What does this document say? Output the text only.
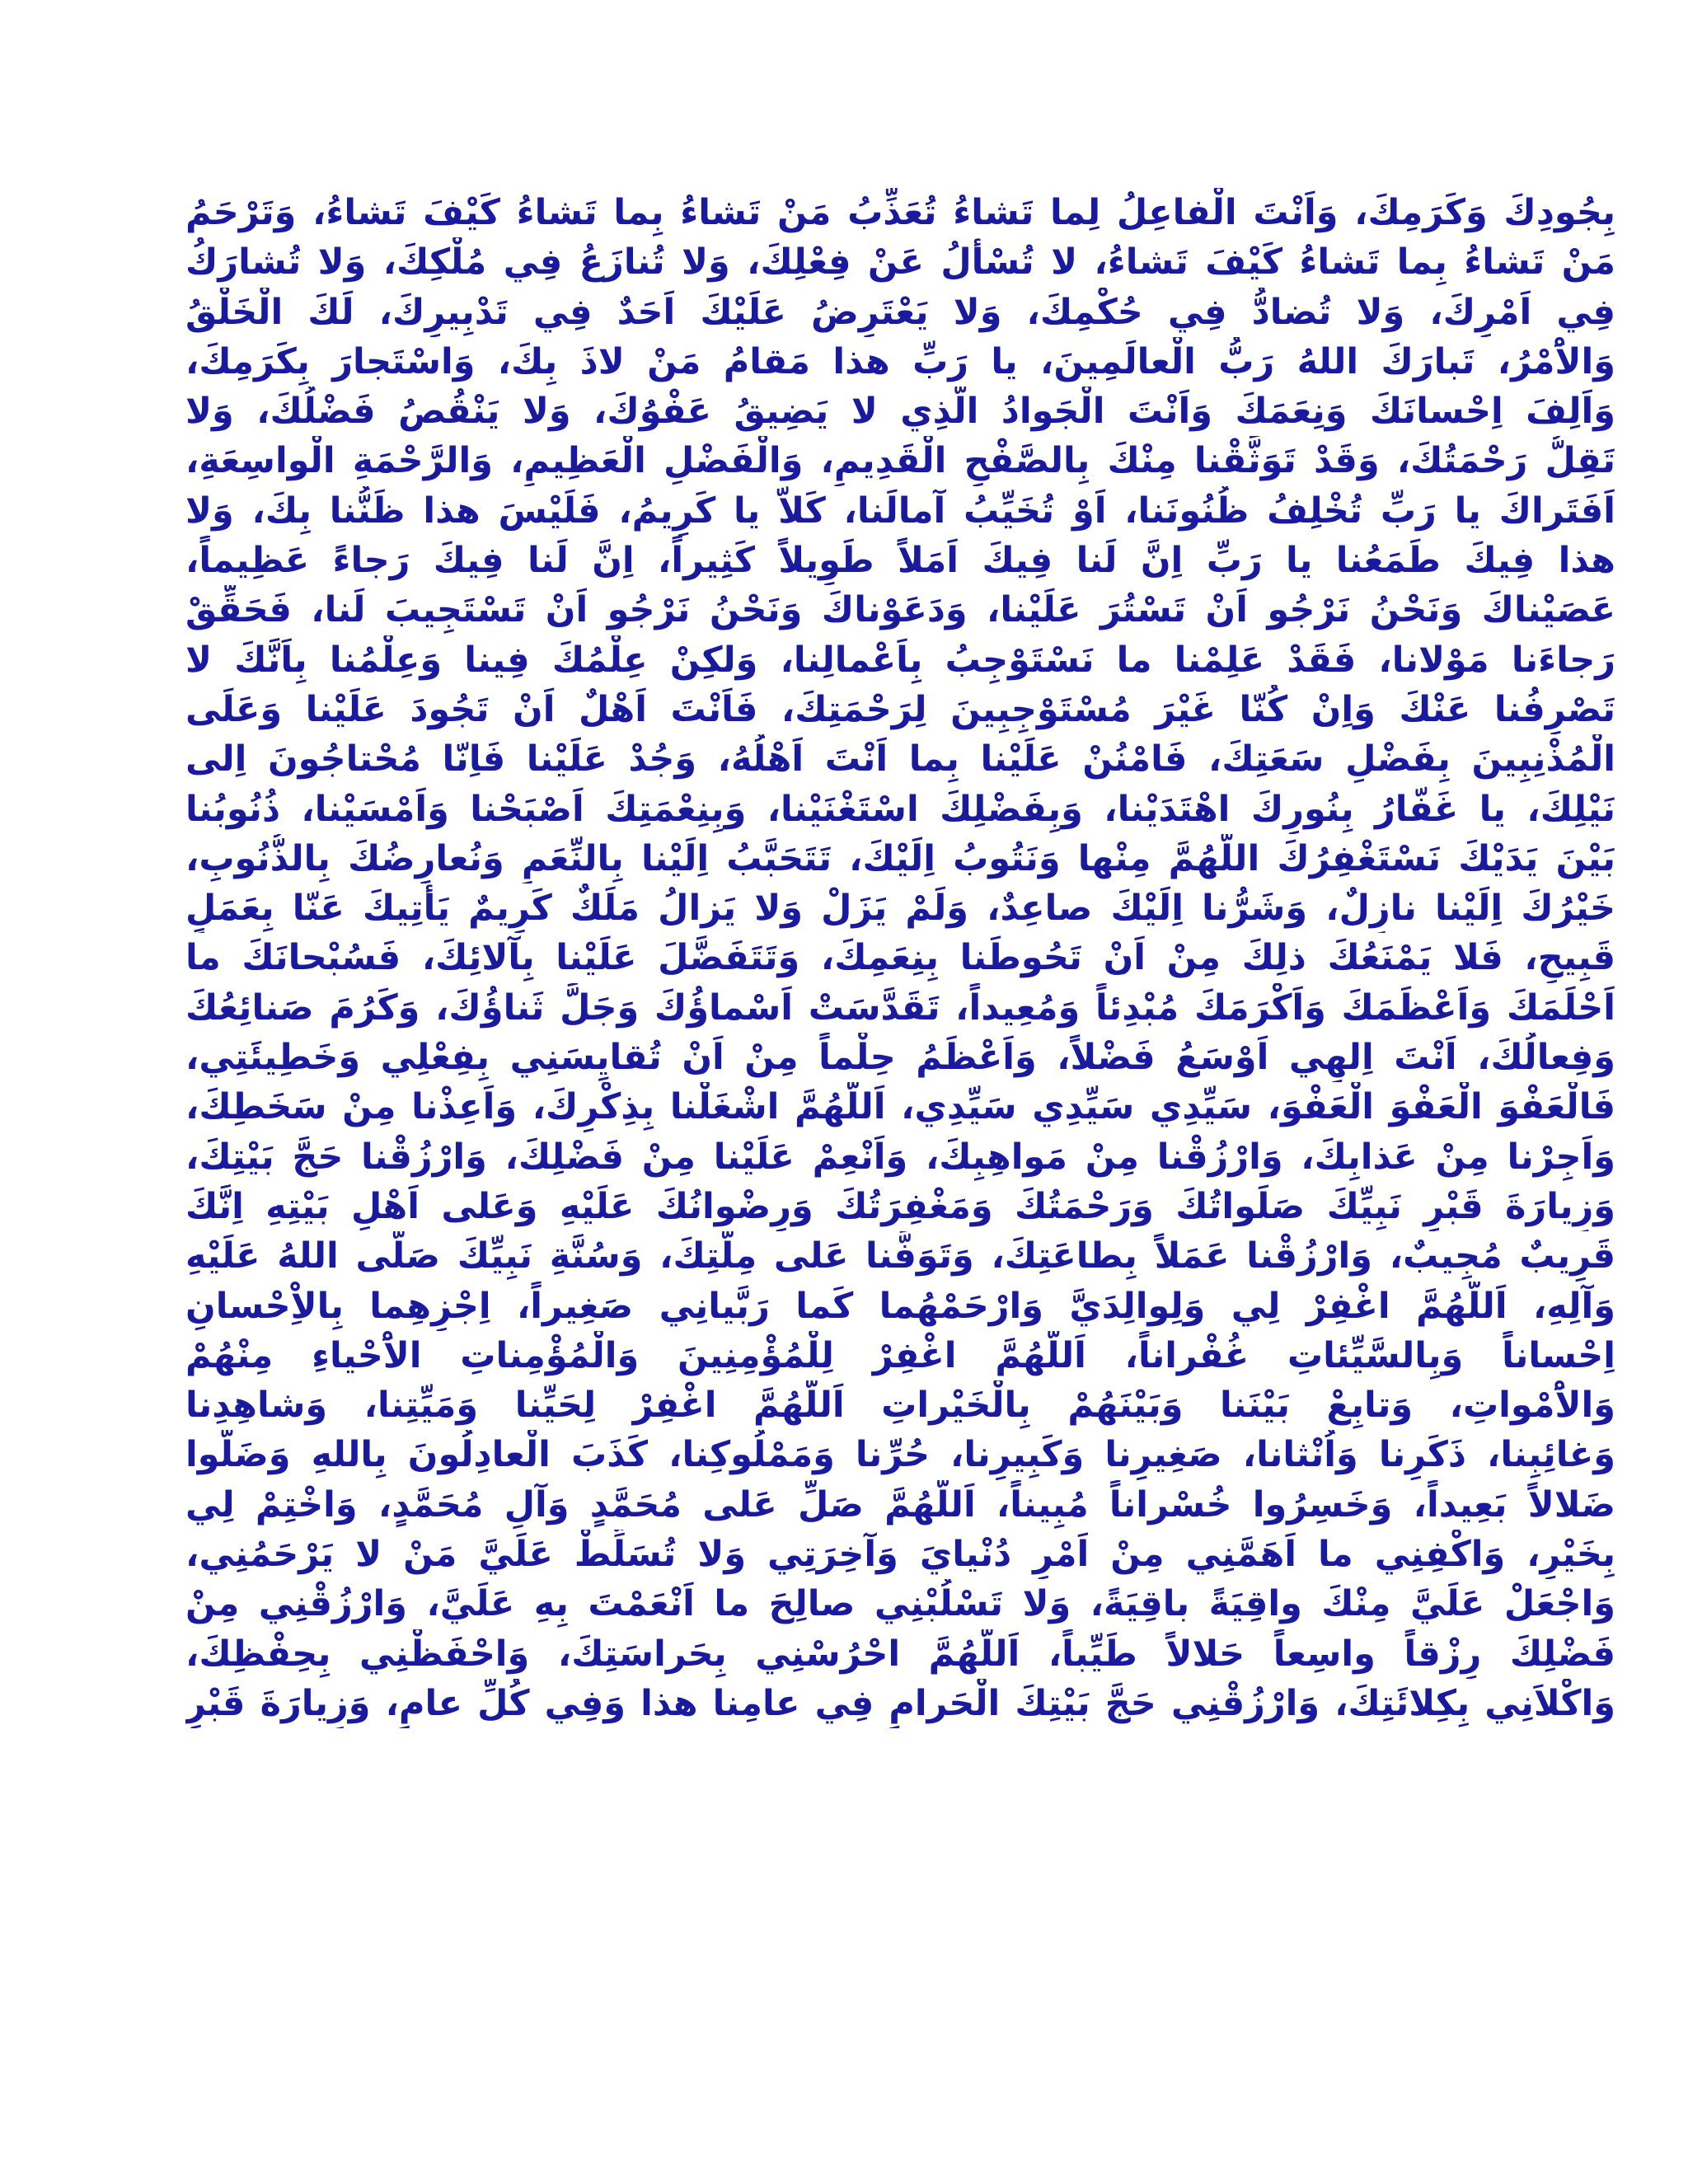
بِجُودِكَ وَكَرَمِكَ، وَاَنْتَ الْفاعِلُ لِما تَشاءُ تُعَذِّبُ مَنْ تَشاءُ بِما تَشاءُ كَيْفَ تَشاءُ، وَتَرْحَمُ
مَنْ تَشاءُ بِما تَشاءُ كَيْفَ تَشاءُ، لا تُسْأَلُ عَنْ فِعْلِكَ، وَلا تُنازَعُ فِي مُلْكِكَ، وَلا تُشارَكُ
فِي اَمْرِكَ، وَلا تُضادُّ فِي حُكْمِكَ، وَلا يَعْتَرِضُ عَلَيْكَ اَحَدٌ فِي تَدْبِيرِكَ، لَكَ الْخَلْقُ
وَالاَْمْرُ، تَبارَكَ اللهُ رَبُّ الْعالَمِينَ، يا رَبِّ هذا مَقامُ مَنْ لاذَ بِكَ، وَاسْتَجارَ بِكَرَمِكَ،
وَاَلِفَ اِحْسانَكَ وَنِعَمَكَ وَاَنْتَ الْجَوادُ الَّذِي لا يَضِيقُ عَفْوُكَ، وَلا يَنْقُصُ فَضْلُكَ، وَلا
تَقِلُّ رَحْمَتُكَ، وَقَدْ تَوَثَّقْنا مِنْكَ بِالصَّفْحِ الْقَدِيمِ، وَالْفَضْلِ الْعَظِيمِ، وَالرَّحْمَةِ الْواسِعَةِ،
اَفَتَراكَ يا رَبِّ تُخْلِفُ ظُنُونَنا، اَوْ تُخَيِّبُ آمالَنا، كَلاّ يا كَرِيمُ، فَلَيْسَ هذا ظَنُّنا بِكَ، وَلا
هذا فِيكَ طَمَعُنا يا رَبِّ اِنَّ لَنا فِيكَ اَمَلاً طَوِيلاً كَثِيراً، اِنَّ لَنا فِيكَ رَجاءً عَظِيماً،
عَصَيْناكَ وَنَحْنُ نَرْجُو اَنْ تَسْتُرَ عَلَيْنا، وَدَعَوْناكَ وَنَحْنُ نَرْجُو اَنْ تَسْتَجِيبَ لَنا، فَحَقِّقْ
رَجاءَنا مَوْلانا، فَقَدْ عَلِمْنا ما نَسْتَوْجِبُ بِاَعْمالِنا، وَلكِنْ عِلْمُكَ فِينا وَعِلْمُنا بِاَنَّكَ لا
تَصْرِفُنا عَنْكَ وَاِنْ كُنّا غَيْرَ مُسْتَوْجِبِينَ لِرَحْمَتِكَ، فَاَنْتَ اَهْلٌ اَنْ تَجُودَ عَلَيْنا وَعَلَى
الْمُذْنِبِينَ بِفَضْلِ سَعَتِكَ، فَامْنُنْ عَلَيْنا بِما اَنْتَ اَهْلُهُ، وَجُدْ عَلَيْنا فَاِنّا مُحْتاجُونَ اِلى
نَيْلِكَ، يا غَفّارُ بِنُورِكَ اهْتَدَيْنا، وَبِفَضْلِكَ اسْتَغْنَيْنا، وَبِنِعْمَتِكَ اَصْبَحْنا وَاَمْسَيْنا، ذُنُوبُنا
بَيْنَ يَدَيْكَ نَسْتَغْفِرُكَ اللّهُمَّ مِنْها وَنَتُوبُ اِلَيْكَ، تَتَحَبَّبُ اِلَيْنا بِالنِّعَمِ وَنُعارِضُكَ بِالذُّنُوبِ،
خَيْرُكَ اِلَيْنا نازِلٌ، وَشَرُّنا اِلَيْكَ صاعِدٌ، وَلَمْ يَزَلْ وَلا يَزالُ مَلَكٌ كَرِيمٌ يَأْتِيكَ عَنّا بِعَمَلٍ
قَبِيحٍ، فَلا يَمْنَعُكَ ذلِكَ مِنْ اَنْ تَحُوطَنا بِنِعَمِكَ، وَتَتَفَضَّلَ عَلَيْنا بِآلائِكَ، فَسُبْحانَكَ ما
اَحْلَمَكَ وَاَعْظَمَكَ وَاَكْرَمَكَ مُبْدِئاً وَمُعِيداً، تَقَدَّسَتْ اَسْماؤُكَ وَجَلَّ ثَناؤُكَ، وَكَرُمَ صَنائِعُكَ
وَفِعالُكَ، اَنْتَ اِلهِي اَوْسَعُ فَضْلاً، وَاَعْظَمُ حِلْماً مِنْ اَنْ تُقايِسَنِي بِفِعْلِي وَخَطِيئَتِي،
فَالْعَفْوَ الْعَفْوَ الْعَفْوَ، سَيِّدِي سَيِّدِي سَيِّدِي، اَللّهُمَّ اشْغَلْنا بِذِكْرِكَ، وَاَعِذْنا مِنْ سَخَطِكَ،
وَاَجِرْنا مِنْ عَذابِكَ، وَارْزُقْنا مِنْ مَواهِبِكَ، وَاَنْعِمْ عَلَيْنا مِنْ فَضْلِكَ، وَارْزُقْنا حَجَّ بَيْتِكَ،
وَزِيارَةَ قَبْرِ نَبِيِّكَ صَلَواتُكَ وَرَحْمَتُكَ وَمَغْفِرَتُكَ وَرِضْوانُكَ عَلَيْهِ وَعَلى اَهْلِ بَيْتِهِ اِنَّكَ
قَرِيبٌ مُجِيبٌ، وَارْزُقْنا عَمَلاً بِطاعَتِكَ، وَتَوَفَّنا عَلى مِلَّتِكَ، وَسُنَّةِ نَبِيِّكَ صَلَّى اللهُ عَلَيْهِ
وَآلِهِ، اَللّهُمَّ اغْفِرْ لِي وَلِوالِدَيَّ وَارْحَمْهُما كَما رَبَّيانِي صَغِيراً، اِجْزِهِما بِالاِْحْسانِ
اِحْساناً وَبِالسَّيِّئاتِ غُفْراناً، اَللّهُمَّ اغْفِرْ لِلْمُؤْمِنِينَ وَالْمُؤْمِناتِ الاَْحْياءِ مِنْهُمْ
وَالاَْمْواتِ، وَتابِعْ بَيْنَنا وَبَيْنَهُمْ بِالْخَيْراتِ اَللّهُمَّ اغْفِرْ لِحَيِّنا وَمَيِّتِنا، وَشاهِدِنا
وَغائِبِنا، ذَكَرِنا وَاُنْثانا، صَغِيرِنا وَكَبِيرِنا، حُرِّنا وَمَمْلُوكِنا، كَذَبَ الْعادِلُونَ بِاللهِ وَضَلُّوا
ضَلالاً بَعِيداً، وَخَسِرُوا خُسْراناً مُبِيناً، اَللّهُمَّ صَلِّ عَلى مُحَمَّدٍ وَآلِ مُحَمَّدٍ، وَاخْتِمْ لِي
بِخَيْرٍ، وَاكْفِنِي ما اَهَمَّنِي مِنْ اَمْرِ دُنْيايَ وَآخِرَتِي وَلا تُسَلِّطْ عَلَيَّ مَنْ لا يَرْحَمُنِي،
وَاجْعَلْ عَلَيَّ مِنْكَ واقِيَةً باقِيَةً، وَلا تَسْلُبْنِي صالِحَ ما اَنْعَمْتَ بِهِ عَلَيَّ، وَارْزُقْنِي مِنْ
فَضْلِكَ رِزْقاً واسِعاً حَلالاً طَيِّباً، اَللّهُمَّ احْرُسْنِي بِحَراسَتِكَ، وَاحْفَظْنِي بِحِفْظِكَ،
وَاكْلاَنِي بِكِلائَتِكَ، وَارْزُقْنِي حَجَّ بَيْتِكَ الْحَرامِ فِي عامِنا هذا وَفِي كُلِّ عامٍ، وَزِيارَةَ قَبْرِ
